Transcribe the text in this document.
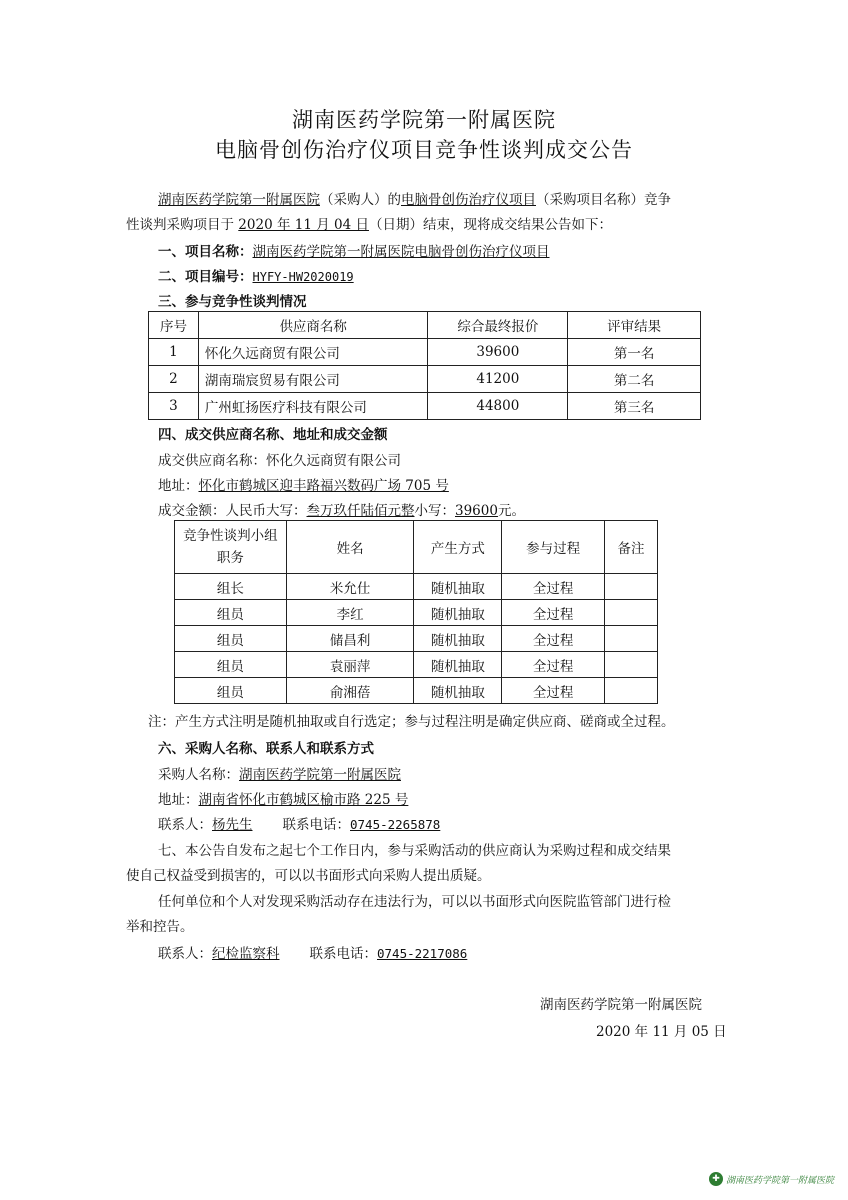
湖南医药学院第一附属医院
电脑骨创伤治疗仪项目竞争性谈判成交公告
湖南医药学院第一附属医院（采购人）的电脑骨创伤治疗仪项目（采购项目名称）竞争
性谈判采购项目于 2020 年 11 月 04 日（日期）结束，现将成交结果公告如下：
一、项目名称：湖南医药学院第一附属医院电脑骨创伤治疗仪项目
二、项目编号：HYFY-HW2020019
三、参与竞争性谈判情况
序号	供应商名称	综合最终报价	评审结果
1	怀化久远商贸有限公司	39600	第一名
2	湖南瑞宸贸易有限公司	41200	第二名
3	广州虹扬医疗科技有限公司	44800	第三名
四、成交供应商名称、地址和成交金额
成交供应商名称：怀化久远商贸有限公司
地址：怀化市鹤城区迎丰路福兴数码广场 705 号
成交金额：人民币大写：叁万玖仟陆佰元整小写：39600元。
竞争性谈判小组职务	姓名	产生方式	参与过程	备注
组长	米允仕	随机抽取	全过程	
组员	李红	随机抽取	全过程	
组员	储昌利	随机抽取	全过程	
组员	袁丽萍	随机抽取	全过程	
组员	俞湘蓓	随机抽取	全过程	
注：产生方式注明是随机抽取或自行选定；参与过程注明是确定供应商、磋商或全过程。
六、采购人名称、联系人和联系方式
采购人名称：湖南医药学院第一附属医院
地址：湖南省怀化市鹤城区榆市路 225 号
联系人：杨先生 联系电话：0745-2265878
七、本公告自发布之起七个工作日内，参与采购活动的供应商认为采购过程和成交结果
使自己权益受到损害的，可以以书面形式向采购人提出质疑。
任何单位和个人对发现采购活动存在违法行为，可以以书面形式向医院监管部门进行检
举和控告。
联系人：纪检监察科 联系电话：0745-2217086
湖南医药学院第一附属医院
2020 年 11 月 05 日
✚ 湖南医药学院第一附属医院
